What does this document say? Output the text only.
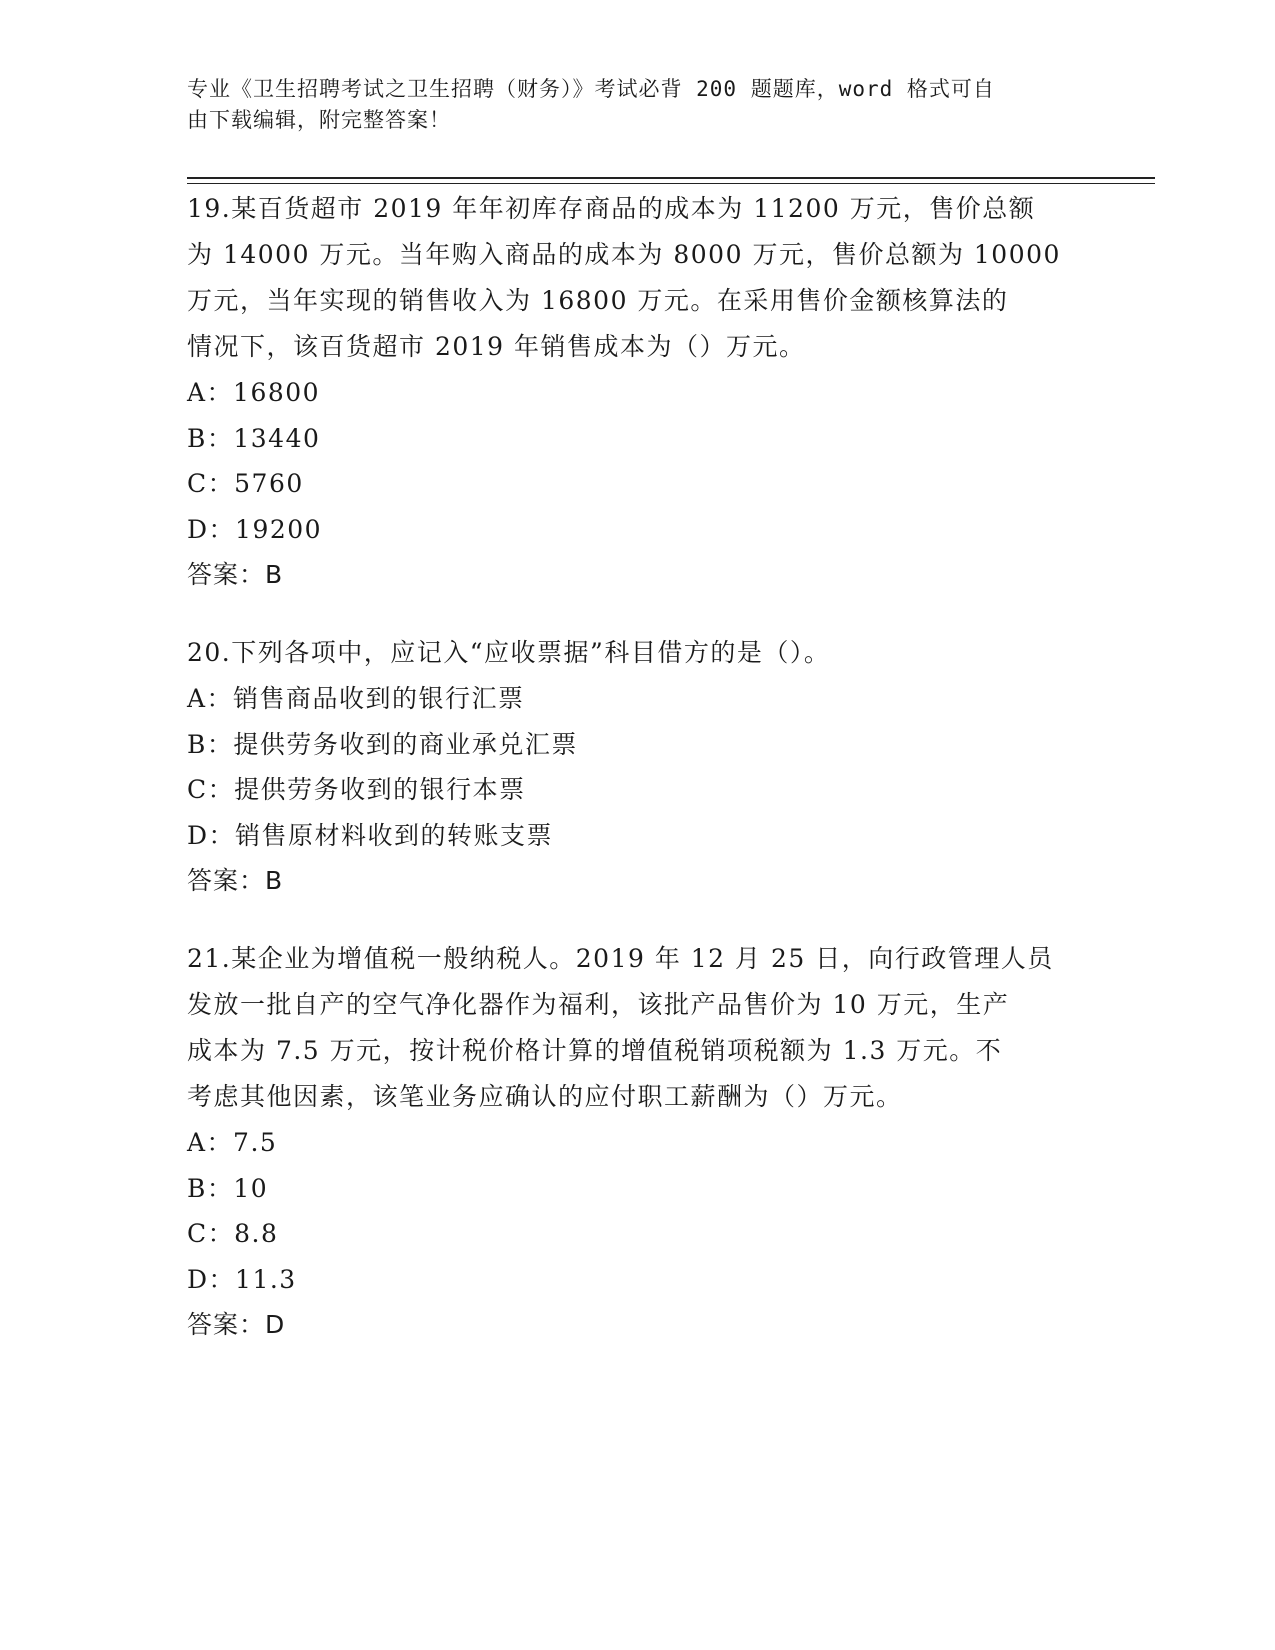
专业《卫生招聘考试之卫生招聘（财务）》考试必背 200 题题库，word 格式可自
由下载编辑，附完整答案！
19.某百货超市 2019 年年初库存商品的成本为 11200 万元，售价总额
为 14000 万元。当年购入商品的成本为 8000 万元，售价总额为 10000
万元，当年实现的销售收入为 16800 万元。在采用售价金额核算法的
情况下，该百货超市 2019 年销售成本为（）万元。
A：16800
B：13440
C：5760
D：19200
答案：B
20.下列各项中，应记入“应收票据”科目借方的是（）。
A：销售商品收到的银行汇票
B：提供劳务收到的商业承兑汇票
C：提供劳务收到的银行本票
D：销售原材料收到的转账支票
答案：B
21.某企业为增值税一般纳税人。2019 年 12 月 25 日，向行政管理人员
发放一批自产的空气净化器作为福利，该批产品售价为 10 万元，生产
成本为 7.5 万元，按计税价格计算的增值税销项税额为 1.3 万元。不
考虑其他因素，该笔业务应确认的应付职工薪酬为（）万元。
A：7.5
B：10
C：8.8
D：11.3
答案：D
